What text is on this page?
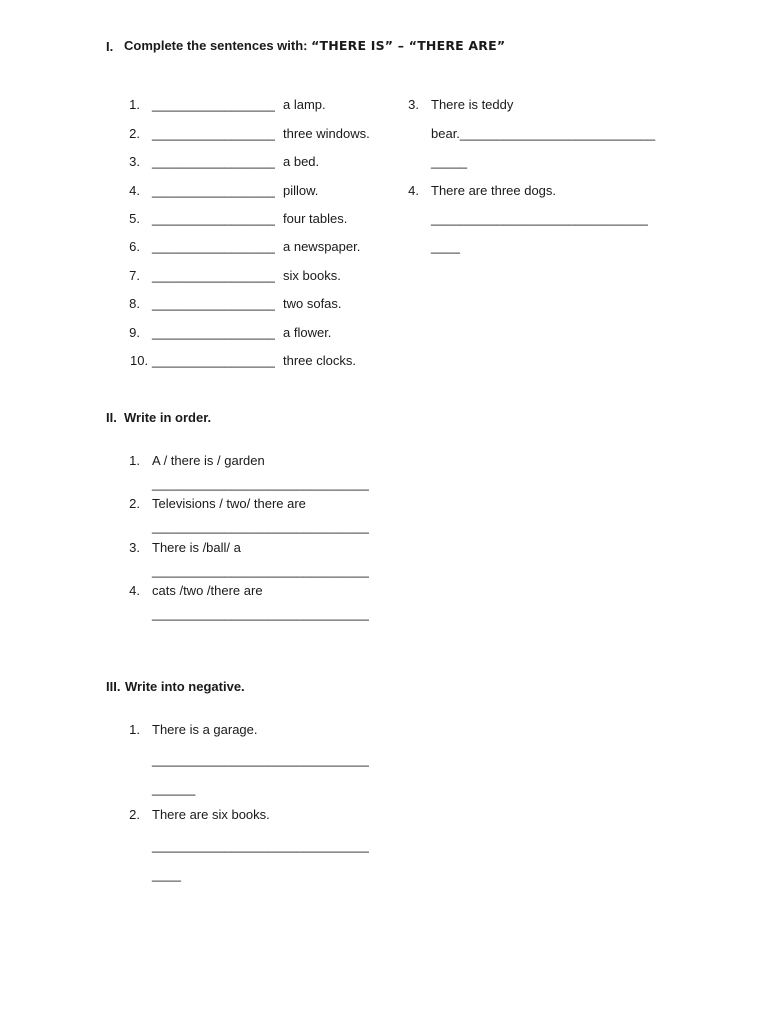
I. Complete the sentences with: “THERE IS” – “THERE ARE”
1. _________________ a lamp.
2. _________________ three windows.
3. _________________ a bed.
4. _________________ pillow.
5. _________________ four tables.
6. _________________ a newspaper.
7. _________________ six books.
8. _________________ two sofas.
9. _________________ a flower.
10. _________________ three clocks.
3. There is teddy
bear.___________________________
_____
4. There are three dogs.
______________________________
____
II. Write in order.
1. A / there is / garden
______________________________
2. Televisions / two/ there are
______________________________
3. There is /ball/ a
______________________________
4. cats /two /there are
______________________________
III. Write into negative.
1. There is a garage.
______________________________
______
2. There are six books.
______________________________
____
